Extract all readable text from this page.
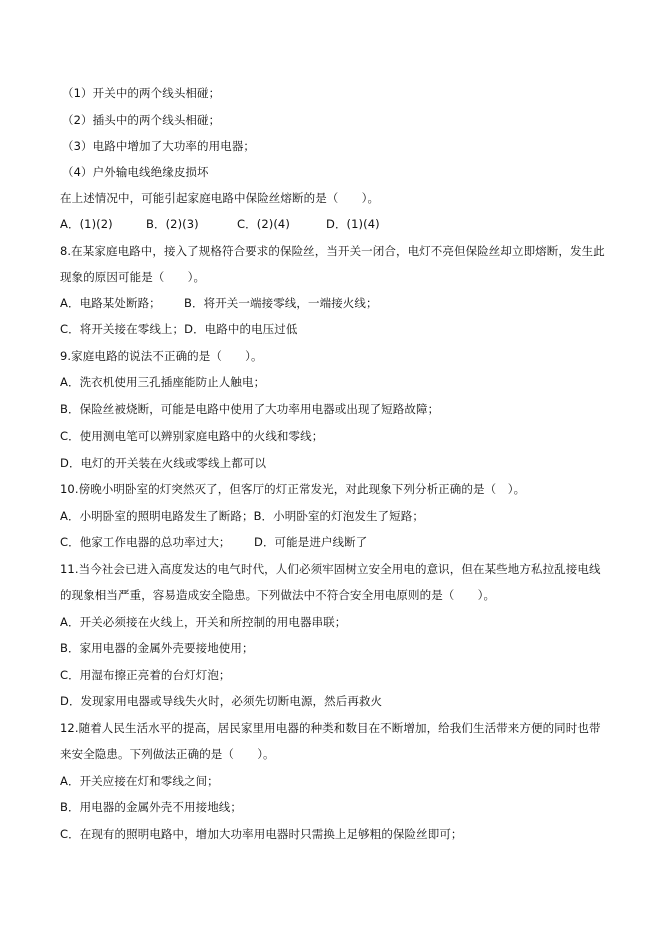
（1）开关中的两个线头相碰；
（2）插头中的两个线头相碰；
（3）电路中增加了大功率的用电器；
（4）户外输电线绝缘皮损坏
在上述情况中，可能引起家庭电路中保险丝熔断的是（　　）。
A．(1)(2)	B．(2)(3)	C．(2)(4)	D．(1)(4)
8.在某家庭电路中，接入了规格符合要求的保险丝，当开关一闭合，电灯不亮但保险丝却立即熔断，发生此
现象的原因可能是（　　）。
A．电路某处断路； B．将开关一端接零线，一端接火线；
C．将开关接在零线上；D．电路中的电压过低
9.家庭电路的说法不正确的是（　　）。
A．洗衣机使用三孔插座能防止人触电；
B．保险丝被烧断，可能是电路中使用了大功率用电器或出现了短路故障；
C．使用测电笔可以辨别家庭电路中的火线和零线；
D．电灯的开关装在火线或零线上都可以
10.傍晚小明卧室的灯突然灭了，但客厅的灯正常发光，对此现象下列分析正确的是（　）。
A．小明卧室的照明电路发生了断路；B．小明卧室的灯泡发生了短路；
C．他家工作电器的总功率过大； D．可能是进户线断了
11.当今社会已进入高度发达的电气时代，人们必须牢固树立安全用电的意识，但在某些地方私拉乱接电线
的现象相当严重，容易造成安全隐患。下列做法中不符合安全用电原则的是（　　）。
A．开关必须接在火线上，开关和所控制的用电器串联；
B．家用电器的金属外壳要接地使用；
C．用湿布擦正亮着的台灯灯泡；
D．发现家用电器或导线失火时，必须先切断电源，然后再救火
12.随着人民生活水平的提高，居民家里用电器的种类和数目在不断增加，给我们生活带来方便的同时也带
来安全隐患。下列做法正确的是（　　）。
A．开关应接在灯和零线之间；
B．用电器的金属外壳不用接地线；
C．在现有的照明电路中，增加大功率用电器时只需换上足够粗的保险丝即可；
